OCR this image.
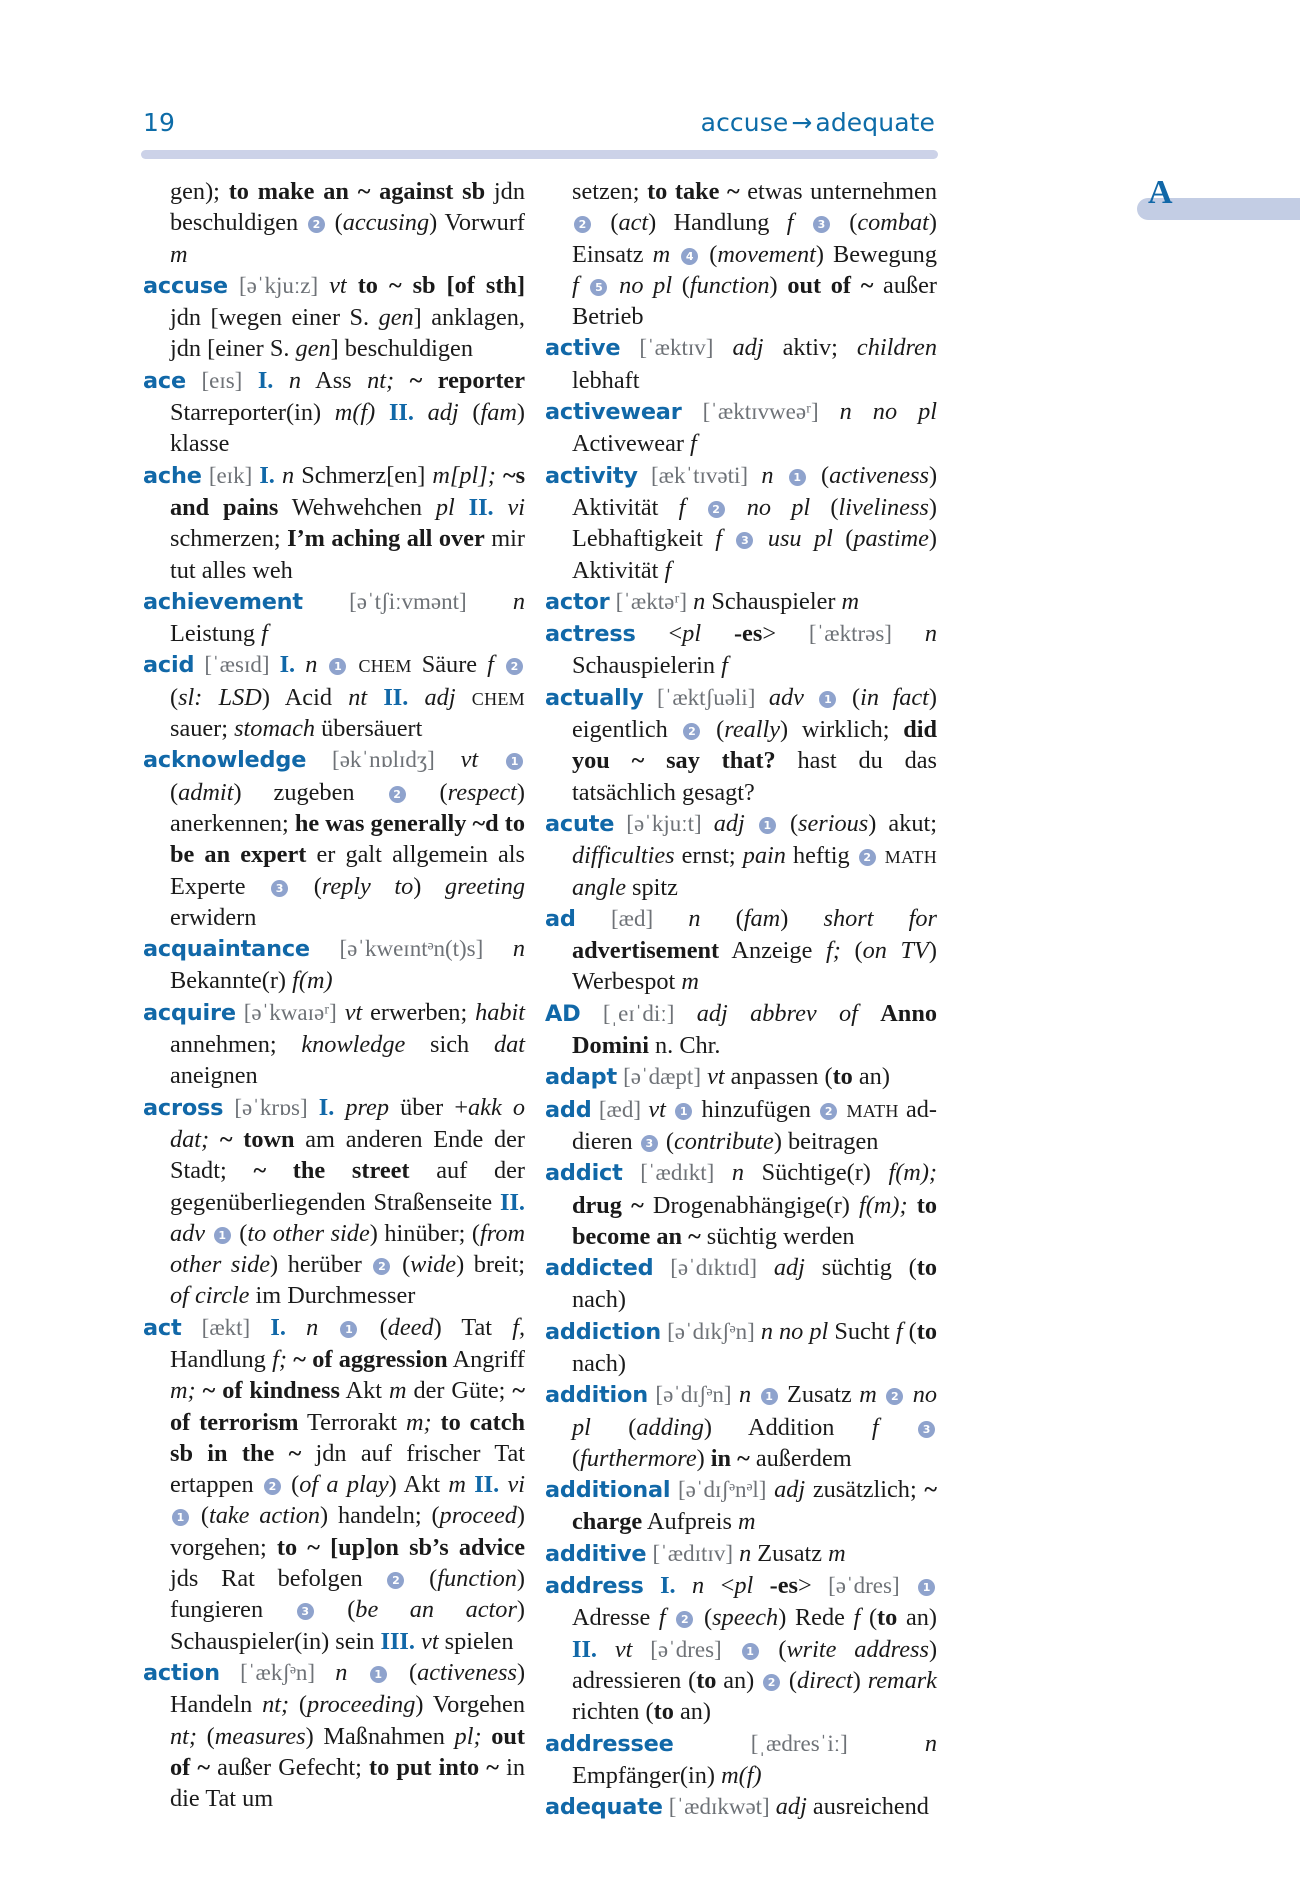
19	accuse → adequate
A

gen); to make an ~ against sb jdn beschuldigen 2 (accusing) Vorwurf m

accuse [əˈkjuːz] vt to ~ sb [of sth] jdn [wegen einer S. gen] anklagen, jdn [einer S. gen] beschuldigen

ace [eɪs] I. n Ass nt; ~ reporter Starreporter(in) m(f) II. adj (fam) klasse

ache [eɪk] I. n Schmerz[en] m[pl]; ~s and pains Wehwehchen pl II. vi schmerzen; I’m aching all over mir tut alles weh

achievement [əˈtʃiːvmənt] n Leistung f

acid [ˈæsɪd] I. n 1 chem Säure f 2 (sl: LSD) Acid nt II. adj chem sauer; stomach übersäuert

acknowledge [əkˈnɒlɪdʒ] vt	1 (admit) zugeben 2 (respect) anerkennen; he was generally ~d to be an expert er galt allgemein als Experte 3 (reply to) greeting erwidern

acquaintance [əˈkweɪntᵊn(t)s] n Bekannte(r) f(m)

acquire [əˈkwaɪəʳ] vt erwerben; habit annehmen; knowledge sich dat aneignen

across [əˈkrɒs] I. prep über +akk o dat; ~ town am anderen Ende der Stadt; ~ the street auf der gegenüberliegenden Straßenseite II. adv 1 (to other side) hinüber; (from other side) herüber 2 (wide) breit; of circle im Durchmesser

act [ækt] I. n 1 (deed) Tat f, Handlung f; ~ of aggression Angriff m; ~ of kindness Akt m der Güte; ~ of terrorism Terrorakt m; to catch sb in the ~ jdn auf frischer Tat ertappen 2 (of a play) Akt m II. vi 1 (take action) handeln; (proceed) vorgehen; to ~ [up]on sb’s advice jds Rat befolgen 2 (function) fungieren 3 (be an actor) Schauspieler(in) sein III. vt spielen

action [ˈækʃᵊn] n 1 (activeness) Handeln nt; (proceeding) Vorgehen nt; (measures) Maßnahmen pl; out of ~ außer Gefecht; to put into ~ in die Tat um

setzen; to take ~ etwas unternehmen 2 (act) Handlung f 3 (combat) Einsatz m 4 (movement) Bewegung f 5 no pl (function) out of ~ außer Betrieb

active [ˈæktɪv] adj aktiv; children lebhaft

activewear [ˈæktɪvweəʳ] n no pl Activewear f

activity [ækˈtɪvəti] n 1 (activeness) Aktivität f 2 no pl (liveliness) Lebhaftigkeit f 3 usu pl (pastime) Aktivität f

actor [ˈæktəʳ] n Schauspieler m

actress <pl -es> [ˈæktrəs] n Schauspielerin f

actually [ˈæktʃuəli] adv 1 (in fact) eigentlich 2 (really) wirklich; did you ~ say that? hast du das tatsächlich gesagt?

acute [əˈkjuːt] adj 1 (serious) akut; difficulties ernst; pain heftig 2 math angle spitz

ad [æd] n (fam) short for advertisement Anzeige f; (on TV) Werbespot m

AD [ˌeɪˈdiː] adj abbrev of Anno Domini n. Chr.

adapt [əˈdæpt] vt anpassen (to an)

add [æd] vt 1 hinzufügen 2 math addieren 3 (contribute) beitragen

addict [ˈædɪkt] n Süchtige(r) f(m); drug ~ Drogenabhängige(r) f(m); to become an ~ süchtig werden

addicted [əˈdɪktɪd] adj süchtig (to nach)

addiction [əˈdɪkʃᵊn] n no pl Sucht f (to nach)

addition [əˈdɪʃᵊn] n 1 Zusatz m 2 no pl (adding) Addition f	3 (furthermore) in ~ außerdem

additional [əˈdɪʃᵊnᵊl] adj zusätzlich; ~ charge Aufpreis m

additive [ˈædɪtɪv] n Zusatz m

address I. n <pl -es> [əˈdres] 1 Adresse f 2 (speech) Rede f (to an) II. vt [əˈdres] 1 (write address) adressieren (to an) 2 (direct) remark richten (to an)

addressee	[ˌædresˈiː]	n Empfänger(in) m(f)

adequate [ˈædɪkwət] adj ausreichend
